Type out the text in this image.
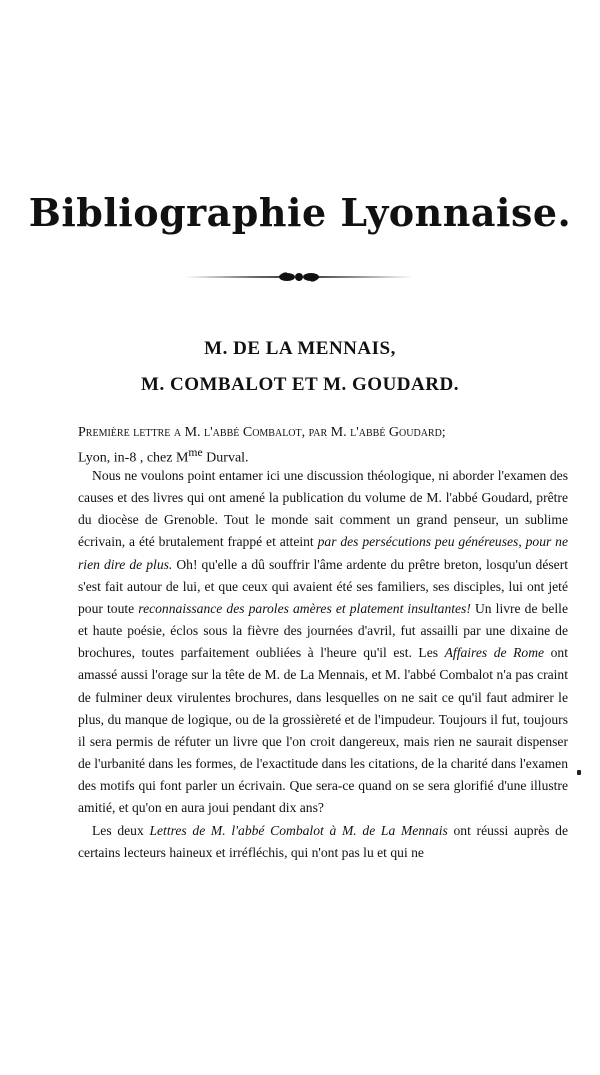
Bibliographie Lyonnaise.
M. DE LA MENNAIS,
M. COMBALOT ET M. GOUDARD.
Première lettre a M. l'abbé Combalot, par M. l'abbé Goudard;
Lyon, in-8 , chez $M^{me}$ Durval.

Nous ne voulons point entamer ici une discussion théologique, ni aborder l'examen des causes et des livres qui ont amené la publication du volume de M. l'abbé Goudard, prêtre du diocèse de Grenoble. Tout le monde sait comment un grand penseur, un sublime écrivain, a été brutalement frappé et atteint par des persécutions peu généreuses, pour ne rien dire de plus. Oh! qu'elle a dû souffrir l'âme ardente du prêtre breton, losqu'un désert s'est fait autour de lui, et que ceux qui avaient été ses familiers, ses disciples, lui ont jeté pour toute reconnaissance des paroles amères et platement insultantes! Un livre de belle et haute poésie, éclos sous la fièvre des journées d'avril, fut assailli par une dixaine de brochures, toutes parfaitement oubliées à l'heure qu'il est. Les Affaires de Rome ont amassé aussi l'orage sur la tête de M. de La Mennais, et M. l'abbé Combalot n'a pas craint de fulminer deux virulentes brochures, dans lesquelles on ne sait ce qu'il faut admirer le plus, du manque de logique, ou de la grossièreté et de l'impudeur. Toujours il fut, toujours il sera permis de réfuter un livre que l'on croit dangereux, mais rien ne saurait dispenser de l'urbanité dans les formes, de l'exactitude dans les citations, de la charité dans l'examen des motifs qui font parler un écrivain. Que sera-ce quand on se sera glorifié d'une illustre amitié, et qu'on en aura joui pendant dix ans?

Les deux Lettres de M. l'abbé Combalot à M. de La Mennais ont réussi auprès de certains lecteurs haineux et irréfléchis, qui n'ont pas lu et qui ne
